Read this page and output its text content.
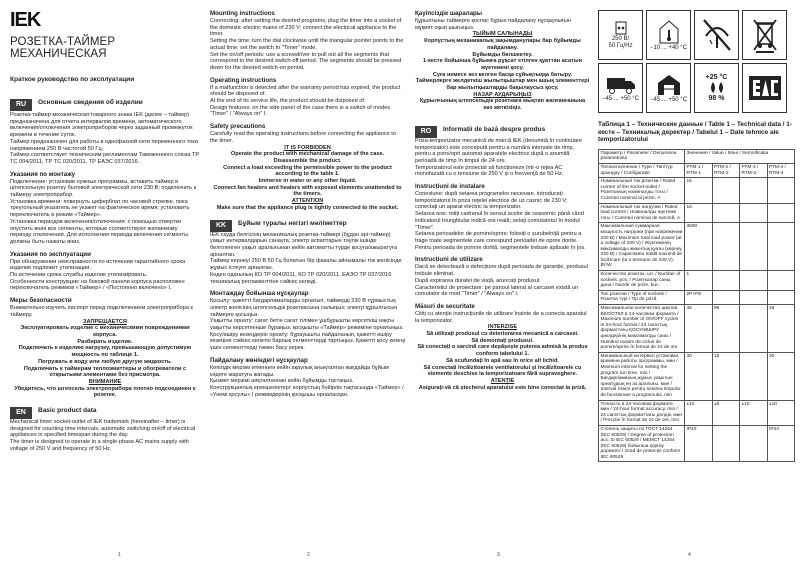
IEK
РОЗЕТКА-ТАЙМЕР МЕХАНИЧЕСКАЯ
Краткое руководство по эксплуатации
RU	Основные сведения об изделии

Розетка-таймер механическая товарного знака IEK (далее – таймер) предназначена для отчета интервалов времени, автоматического включения/отключения электроприборов через заданный промежуток времени в течение суток.

Таймер предназначен для работы в однофазной сети переменного тока напряжением 250 В частотой 50 Гц.

Таймер соответствует техническим регламентам Таможенного союза ТР ТС 004/2011, ТР ТС 020/2011, ТР ЕАЭС 037/2016.

Указания по монтажу

Подключение: установив нужные программы, вставить таймер в штепсельную розетку бытовой электрической сети 230 В; подключить к таймеру электроприбор.

Установка времени: повернуть циферблат по часовой стрелке, пока треугольный указатель не укажет на фактическое время; установить переключатель в режим «Таймер».

Установка периодов включения/отключения: с помощью отвертки опустить вниз все сегменты, которые соответствуют желаемому периоду отключения. Для исполнения периода включения сегменты должны быть нажаты вниз.

Указания по эксплуатации

При обнаружении неисправности по истечении гарантийного срока изделие подлежит утилизации.

По истечении срока службы изделие утилизировать.

Особенности конструкции: на боковой панели корпуса расположен переключатель режимов «Таймер» / «Постоянно включено» I.

Меры безопасности

Внимательно изучить паспорт перед подключением электроприбора к таймеру.

ЗАПРЕЩАЕТСЯ

Эксплуатировать изделие с механическими повреждениями корпуса.

Разбирать изделие.

Подключать к изделию нагрузку, превышающую допустимую мощность по таблице 1.

Погружать в воду или любую другую жидкость.

Подключать к таймерам теплоэмиттеры и обогреватели с открытыми элементами без присмотра.

ВНИМАНИЕ

Убедитесь, что штепсель электроприбора плотно подсоединен к розетке.

EN	Basic product data

Mechanical timer socket-outlet of IEK trademark (hereinafter – timer) is designed for counting time intervals, automatic switching on/off of electrical appliances in specified timespan during the day.

The timer is designed to operate in a single-phase AC mains supply with voltage of 250 V and frequency of 50 Hz.

Mounting instructions

Connecting: after setting the desired programs, plug the timer into a socket of the domestic electric mains of 230 V; connect the electrical appliance to the timer.

Setting the time: turn the dial clockwise until the triangular pointer points to the actual time; set the switch to "Timer" mode.

Set the on/off periods: use a screwdriver to pull out all the segments that correspond to the desired switch-off period. The segments should be pressed down for the desired switch-on period.

Operating instructions

If a malfunction is detected after the warranty period has expired, the product should be disposed of.

At the end of its service life, the product should be disposed of.

Design features: on the side panel of the case there is a switch of modes "Timer" / "Always on" I.

Safety precautions

Carefully read the operating instructions before connecting the appliance to the timer.

IT IS FORBIDDEN

Operate the product with mechanical damage of the case.

Disassemble the product.

Connect a load exceeding the permissible power to the product according to the table 1.

Immerse in water or any other liquid.

Connect fan heaters and heaters with exposed elements unattended to the timers.

ATTENTION

Make sure that the appliance plug is tightly connected to the socket.

KK	Бұйым туралы негізгі мәліметтер

IEK сауда белгісінің механикалық розетка-таймері (бұдан әрі-таймер) уақыт интервалдарын санауға, электр аспаптарын тәулік ішінде белгіленген уақыт аралығынан кейін автоматты түрде қосуға/ажыратуға арналған.

Таймер кернеуі 250 В 50 Гц болатын бір фазалы айнымалы ток желісінде жұмыс істеуге арналған.

Кеден одағының КО ТР 004/2011, КО ТР 020/2011, ЕАЭО ТР 037/2016 техникалық регламенттіне сәйкес келеді.

Монтаждау бойынша нұсқаулар

Қосылу: қажетті бағдарламаларды орнатып, таймерді 230 В тұрмыстық электр желісінің штепсельдік розеткасына салыңыз; электр құрылғысын таймерге қосыңыз.

Уақытты орнату: сағат бетін сағат тілімен ұшбұрышты көрсеткіш нақты уақытты көрсеткенше бұраңыз; қосқышты «Таймер» режиміне орнатыңыз.

Қосу/өшіру кезеңдерін орнату: бұрауышты пайдаланып, қажетті өшіру кезеңіне сәйкес келетін барлық сегменттерді тартыңыз. Қажетті қосу кезеңі үшін сегменттерді төмен басу керек.

Пайдалану жөніндегі нұсқаулар

Кепілдік мерзім өткеннен кейін ақаулық анықталған жағдайда бұйым кәдеге жаратуға жатады.

Қызмет мерзімі аяқталғаннан кейін бұйымды тастаңыз.

Конструкциялық ерекшеліктері: корпустың бүйірлік тақтасында «Таймер» / «Үнемі қосулы» I режимдерінің қосқышы орналасқан.

Қауіпсіздік шаралары

Құрылғыны таймерге қоспас бұрын пайдалану нұсқаулығын мұқият оқып шығыңыз.

ТЫЙЫМ САЛЫНАДЫ

Корпустың механикалық зақымданулары бар бұйымды пайдалану.

Бұйымды бөлшектеу.

1-кесте бойынша бұйымға рұқсат етілген қуаттан асатын жүктемені қосу.

Суға немесе кез келген басқа сұйықтыққа батыру.

Таймерлерге желдеткіш жылытқыштар мен ашық элементтері бар жылытқыштарды бақылаусыз қосу.

НАЗАР АУДАРЫҢЫЗ

Құрылғының штепсельдік розеткаға мықтап жалғанғанына көз жеткізіңіз.

RO	Informații de bază despre produs

Priza-temporizator mecanică de marcă IEK (denumită în continuare temporizator) este concepută pentru a număra intervale de timp, pentru a porni/opri automat aparatele electrice după o anumită perioadă de timp în timpul de 24 ore.

Temporizatorul este proiectat să funcționeze într-o rețea AC monofazată cu o tensiune de 250 V și o frecvență de 50 Hz.

Instrucțiuni de instalare

Conexiune: după setarea programelor necesare, introduceți temporizatorul în priza rețelei electrice de uz casnic de 230 V; conectați un aparat electric la temporizator.

Setarea orei: rotiți cadranul în sensul acelor de ceasornic până când indicatorul triunghiular indică ora reală; setați comutatorul în modul "Timer".

Setarea perioadelor de pornire/oprire: folosiți o șurubelniță pentru a trage toate segmentele care corespund perioadei de oprire dorite. Pentru perioada de pornire dorită, segmentele trebuie apăsate în jos.

Instrucțiuni de utilizare

Dacă se detectează o defecțiune după perioada de garanție, produsul trebuie eliminat.

După expirarea duratei de viață, aruncați produsul.

Caracteristici de proiectare: pe panoul lateral al carcasei există un comutator de mod "Timer" / "Always on" I.

Măsuri de securitate

Citiți cu atenție instrucțiunile de utilizare înainte de a conecta aparatul la temporizator.

INTERZISE

Să utilizați produsul cu deteriorarea mecanică a carcasei.

Să demontați produsul.

Să conectați o sarcină care depășește puterea admisă la produs conform tabelului 1.

Să scufundați în apă sau în orice alt lichid.

Să conectați încălzitoarele ventilatorului și încălzitoarele cu elemente deschise la temporizatoare fără supraveghere.

ATENȚIE

Asigurați-vă că ștecherul aparatului este bine conectat la priză.

250 В/
50 Гц/Hz	−10 ... +40 °C
−45 ... +50 °C −45 ... +50 °C
+25 °C
98 %
Таблица 1 – Технические данные / Table 1 – Technical data / 1-кесте – Техникалық деректер / Tabelul 1 – Date tehnice ale temporizatorului
Параметр / Parameter / Denumirea parametrului	Значение / Value / Мәні / Semnificația			
Типоисполнение / Type / Тип/түр орындау / Configurație	РТМ-1 / RTM-1	РТМ-2 / RTM-2	РТМ-3 / RTM-3	РТМ-4 / RTM-4
Номинальный ток розетки / Rated current of the socket-outlet / Розетканың номиналды тогы / Curentul nominal al prizei, А	16			
Номинальный ток нагрузки / Rated load current / Номиналды жүктеме тогы / Curentul nominal de sarcină, А	16			
Максимальная суммарная мощность нагрузки (при напряжении 230 В) / Maximum total load power (at a voltage of 230 V) / Жүктеменің максималды жиынтық қуаты (кернеу 230 В) / Capacitatea totală maximă de încărcare (la o tensiune de 230 V), Вт/W	3680			
Количество розеток, шт. / Number of sockets, pcs. / Розеткалар саны, дана / Număr de prize, buc.	1			
Тип розетки / Type of sockets / Розетка түрі / Tip de priză	2P+PE			
Максимальное количество циклов ВКЛ/ОТКЛ в 24-часовом формате / Maximum number of ON/OFF cycles in 24-hour format / 24 сағаттық форматтағы ҚОСУ/ӨШІРУ циклдерінің максималды саны / Numărul maxim de cicluri de pornire/oprire în format de 24 de ore	48	96		48
Минимальный интервал установки времени работы программы, мин / Minimum interval for setting the program run time, min / Бағдарламаның жұмыс уақытын орнатудың ең аз аралығы, мин / Interval minim pentru setarea timpului de funcționare a programului, min	30	15		30
Точность в 24-часовом формате, мин / 24-hour format accuracy, min / 24 сағаттық форматтағы дәлдік, мин / Precizie în format de 24 de ore, min	±10	±5	±10	±10
Степень защиты по ГОСТ 14254 (IEC 60529) / Degree of protection acc. to IEC 60529 / МЕМСТ 14254 (IEC 60529) бойынша қорғау дәрежесі / Grad de protecție conform IEC 60529	IP20			IP44
1	2	3	4
